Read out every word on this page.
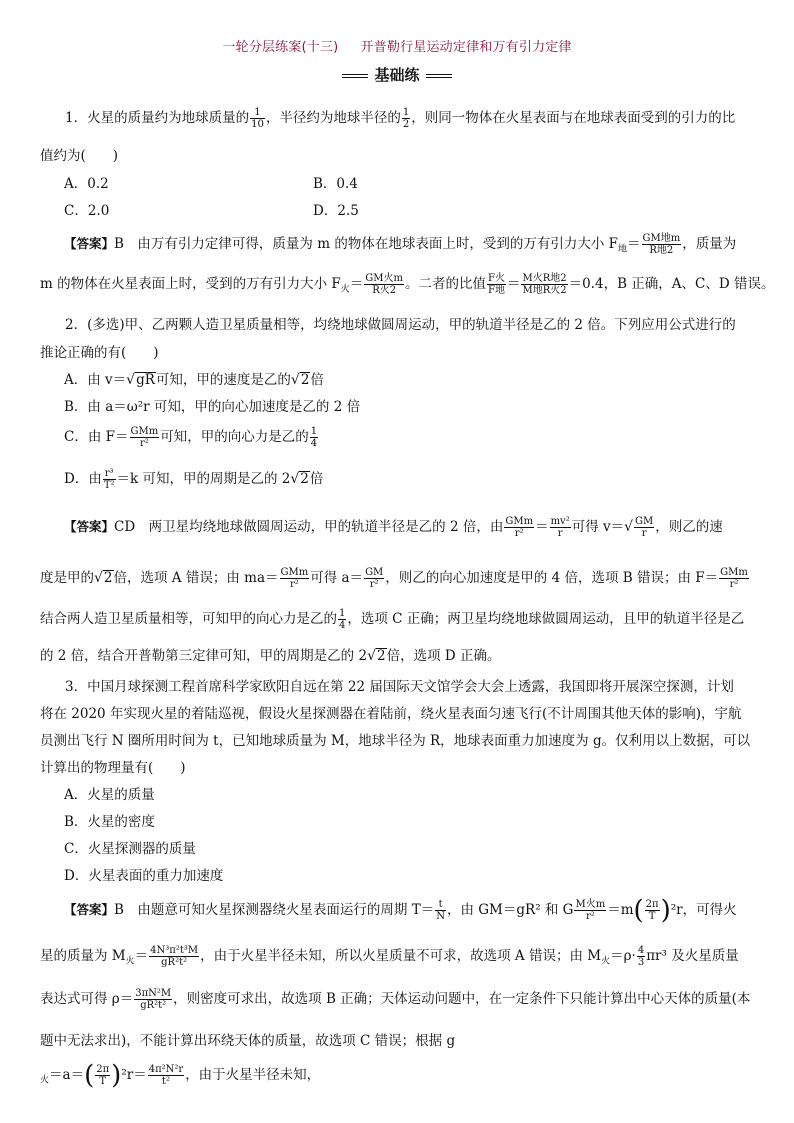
一轮分层练案(十三) 开普勒行星运动定律和万有引力定律
基础练
1．火星的质量约为地球质量的 $\frac{1}{10}$ ，半径约为地球半径的 $\frac{1}{2}$ ，则同一物体在火星表面与在地球表面受到的引力的比
值约为(　　)
A．0.2	B．0.4
C．2.0	D．2.5
【答案】B　由万有引力定律可得，质量为 m 的物体在地球表面上时，受到的万有引力大小 $F_地= \frac{\text{GM地m}}{\text{R地2}}$ ，质量为
m 的物体在火星表面上时，受到的万有引力大小 $F_火= \frac{\text{GM火m}}{\text{R火2}}$ 。二者的比值 $\frac{\text{F火}}{\text{F地}} = \frac{\text{M火R地2}}{\text{M地R火2}} =0.4$，B 正确，A、C、D 错误。
2．(多选)甲、乙两颗人造卫星质量相等，均绕地球做圆周运动，甲的轨道半径是乙的 2 倍。下列应用公式进行的
推论正确的有(　　)
A．由 v＝√gR可知，甲的速度是乙的√2倍
B．由 a＝ω²r 可知，甲的向心加速度是乙的 2 倍
C．由 $F= \frac{\text{GMm}}{\text{r²}}$ 可知，甲的向心力是乙的 $\frac{1}{4}$
D．由 $\frac{\text{r³}}{\text{T²}} =k$ 可知，甲的周期是乙的 2√2倍
【答案】CD　两卫星均绕地球做圆周运动，甲的轨道半径是乙的 2 倍，由 $\frac{\text{GMm}}{\text{r²}} = \frac{\text{mv²}}{r}$ 可得 $v=√ \frac{GM}{r}$ ，则乙的速
度是甲的√2倍，选项 A 错误；由 $ma= \frac{\text{GMm}}{\text{r²}}$ 可得 $a= \frac{GM}{\text{r²}}$ ，则乙的向心加速度是甲的 4 倍，选项 B 错误；由 $F= \frac{\text{GMm}}{\text{r²}}$
结合两人造卫星质量相等，可知甲的向心力是乙的 $\frac{1}{4}$ ，选项 C 正确；两卫星均绕地球做圆周运动，且甲的轨道半径是乙
的 2 倍，结合开普勒第三定律可知，甲的周期是乙的 2√2倍，选项 D 正确。
3．中国月球探测工程首席科学家欧阳自远在第 22 届国际天文馆学会大会上透露，我国即将开展深空探测，计划
将在 2020 年实现火星的着陆巡视，假设火星探测器在着陆前，绕火星表面匀速飞行(不计周围其他天体的影响)，宇航
员测出飞行 N 圈所用时间为 t，已知地球质量为 M，地球半径为 R，地球表面重力加速度为 g。仅利用以上数据，可以
计算出的物理量有(　　)
A．火星的质量
B．火星的密度
C．火星探测器的质量
D．火星表面的重力加速度
【答案】B　由题意可知火星探测器绕火星表面运行的周期 $T= \frac{t}{N}$ ，由 GM＝gR² 和 G $\frac{\text{M火m}}{\text{r²}} =m( \frac{2\pi}{T} )^2r$，可得火
星的质量为 $M_火= \frac{\text{4N³π²t³M}}{\text{gR²t²}}$ ，由于火星半径未知，所以火星质量不可求，故选项 A 错误；由 $M_火=\rho\cdot \frac{4}{3} \pi r^3$ 及火星质量
表达式可得 $\rho= \frac{\text{3πN²M}}{\text{gR²t²}}$ ，则密度可求出，故选项 B 正确；天体运动问题中，在一定条件下只能计算出中心天体的质量(本
题中无法求出)，不能计算出环绕天体的质量，故选项 C 错误；根据 g
$_火=a=( \frac{2\pi}{T} )^2r= \frac{\text{4π²N²r}}{\text{t²}}$ ，由于火星半径未知，
